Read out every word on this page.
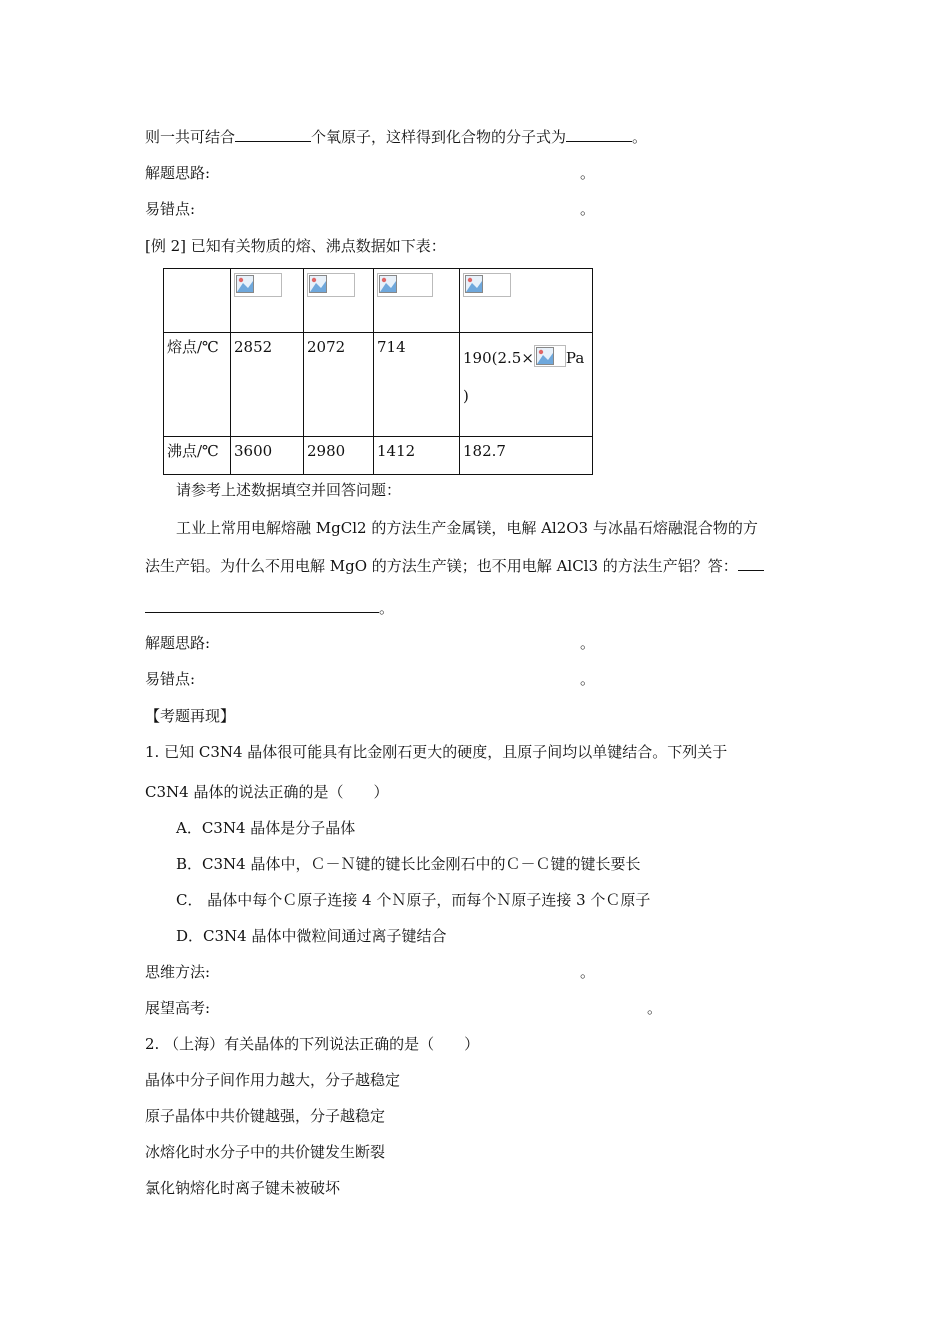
则一共可结合	个氧原子，这样得到化合物的分子式为	。
解题思路:	。
易错点:	。
[例 2] 已知有关物质的熔、沸点数据如下表：

熔点/℃	2852	2072	714	190(2.5× Pa
)

沸点/℃	3600	2980	1412	182.7
请参考上述数据填空并回答问题：
工业上常用电解熔融 MgCl2 的方法生产金属镁，电解 Al2O3 与冰晶石熔融混合物的方
法生产铝。为什么不用电解 MgO 的方法生产镁；也不用电解 AlCl3 的方法生产铝？答：
。
解题思路:	。
易错点:	。
【考题再现】
1. 已知 C3N4 晶体很可能具有比金刚石更大的硬度，且原子间均以单键结合。下列关于
C3N4 晶体的说法正确的是（　　）
A．C3N4 晶体是分子晶体
B．C3N4 晶体中，Ｃ－Ｎ键的键长比金刚石中的Ｃ－Ｃ键的键长要长
C． 晶体中每个Ｃ原子连接 4 个Ｎ原子，而每个Ｎ原子连接 3 个Ｃ原子
D．C3N4 晶体中微粒间通过离子键结合
思维方法:	。
展望高考:	。
2. （上海）有关晶体的下列说法正确的是（　　）
晶体中分子间作用力越大，分子越稳定
原子晶体中共价键越强，分子越稳定
冰熔化时水分子中的共价键发生断裂
氯化钠熔化时离子键未被破坏
